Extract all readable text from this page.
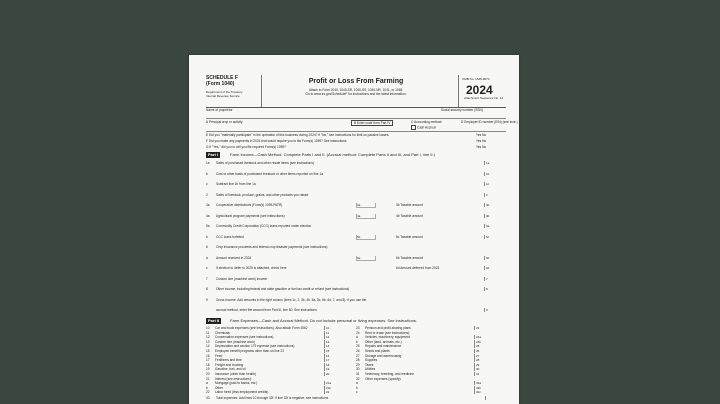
SCHEDULE F
(Form 1040)
Department of the Treasury Internal Revenue Service
Profit or Loss From Farming
Attach to Form 1040, 1040-SR, 1040-SS, 1040-NR, 1041, or 1065.
Go to www.irs.gov/ScheduleF for instructions and the latest information.
OMB No. 1545-0074
2024
Attachment Sequence No. 14
Name of proprietor	Social security number (SSN)
A Principal crop or activity	B Enter code from Part IV	C Accounting method:	D Employer ID number (EIN) (see instr.)
Cash Accrual
E Did you "materially participate" in the operation of this business during 2024? If "No," see instructions for limit on passive losses.	Yes No
F Did you make any payments in 2024 that would require you to file Form(s) 1099? See instructions	Yes No
G If "Yes," did you or will you file required Form(s) 1099?	Yes No
Part I	Farm Income—Cash Method. Complete Parts I and II. (Accrual method: Complete Parts II and III, and Part I, line 9.)
1a Sales of purchased livestock and other resale items (see instructions)	1a
b	Cost or other basis of purchased livestock or other items reported on line 1a	1b
c	Subtract line 1b from line 1a	1c
2	Sales of livestock, produce, grains, and other products you raised	2
3a Cooperative distributions (Form(s) 1099-PATR)	3a	3b Taxable amount	3b
4a Agricultural program payments (see instructions)	4a	4b Taxable amount	4b
5a Commodity Credit Corporation (CCC) loans reported under election	5a
b	CCC loans forfeited	5b	5c Taxable amount	5c
6	Crop insurance proceeds and federal crop disaster payments (see instructions)
a	Amount received in 2024	6a	6b Taxable amount	6b
c	If election to defer to 2025 is attached, check here	6d Amount deferred from 2023	6d
7	Custom hire (machine work) income	7
8	Other income, including federal and state gasoline or fuel tax credit or refund (see instructions)	8
9	Gross income. Add amounts in the right column (lines 1c, 2, 3b, 4b, 5a, 5c, 6b, 6d, 7, and 8). If you use the
accrual method, enter the amount from Part III, line 50. See instructions	9
Part II	Farm Expenses—Cash and Accrual Method. Do not include personal or living expenses. See instructions.
10 Car and truck expenses (see instructions). Also attach Form 4562	10
11 Chemicals	11
12 Conservation expenses (see instructions)	12
13 Custom hire (machine work)	13
14 Depreciation and section 179 expense (see instructions)	14
15 Employee benefit programs other than on line 23	15
16 Feed	16
17 Fertilizers and lime	17
18 Freight and trucking	18
19 Gasoline, fuel, and oil	19
20 Insurance (other than health)	20
21 Interest (see instructions):
a Mortgage (paid to banks, etc.)	21a
b Other	21b
22 Labor hired (less employment credits)	22
23 Pension and profit-sharing plans	23
24 Rent or lease (see instructions):
a Vehicles, machinery, equipment	24a
b Other (land, animals, etc.)	24b
25 Repairs and maintenance	25
26 Seeds and plants	26
27 Storage and warehousing	27
28 Supplies	28
29 Taxes	29
30 Utilities	30
31 Veterinary, breeding, and medicine	31
32 Other expenses (specify):
a	32a
b	32b
c	32c
33 Total expenses. Add lines 10 through 32f. If line 32f is negative, see instructions
